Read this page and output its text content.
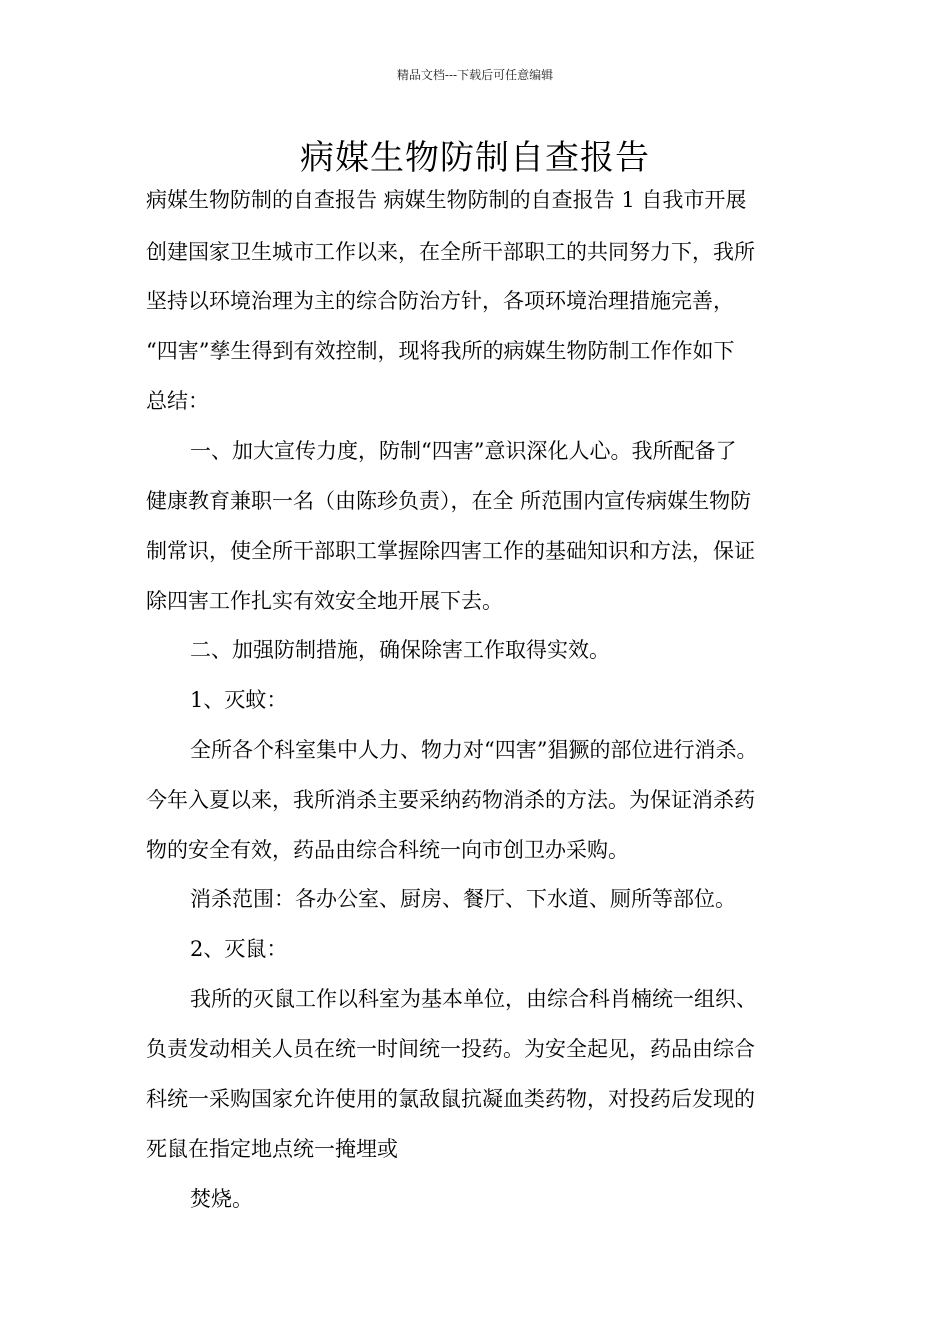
精品文档---下载后可任意编辑
病媒生物防制自查报告
病媒生物防制的自查报告 病媒生物防制的自查报告 1 自我市开展
创建国家卫生城市工作以来，在全所干部职工的共同努力下，我所
坚持以环境治理为主的综合防治方针，各项环境治理措施完善，
“四害”孳生得到有效控制，现将我所的病媒生物防制工作作如下
总结：
一、加大宣传力度，防制“四害”意识深化人心。我所配备了
健康教育兼职一名（由陈珍负责），在全 所范围内宣传病媒生物防
制常识，使全所干部职工掌握除四害工作的基础知识和方法，保证
除四害工作扎实有效安全地开展下去。
二、加强防制措施，确保除害工作取得实效。
1、灭蚊：
全所各个科室集中人力、物力对“四害”猖獗的部位进行消杀。
今年入夏以来，我所消杀主要采纳药物消杀的方法。为保证消杀药
物的安全有效，药品由综合科统一向市创卫办采购。
消杀范围：各办公室、厨房、餐厅、下水道、厕所等部位。
2、灭鼠：
我所的灭鼠工作以科室为基本单位，由综合科肖楠统一组织、
负责发动相关人员在统一时间统一投药。为安全起见，药品由综合
科统一采购国家允许使用的氯敌鼠抗凝血类药物，对投药后发现的
死鼠在指定地点统一掩埋或
焚烧。
